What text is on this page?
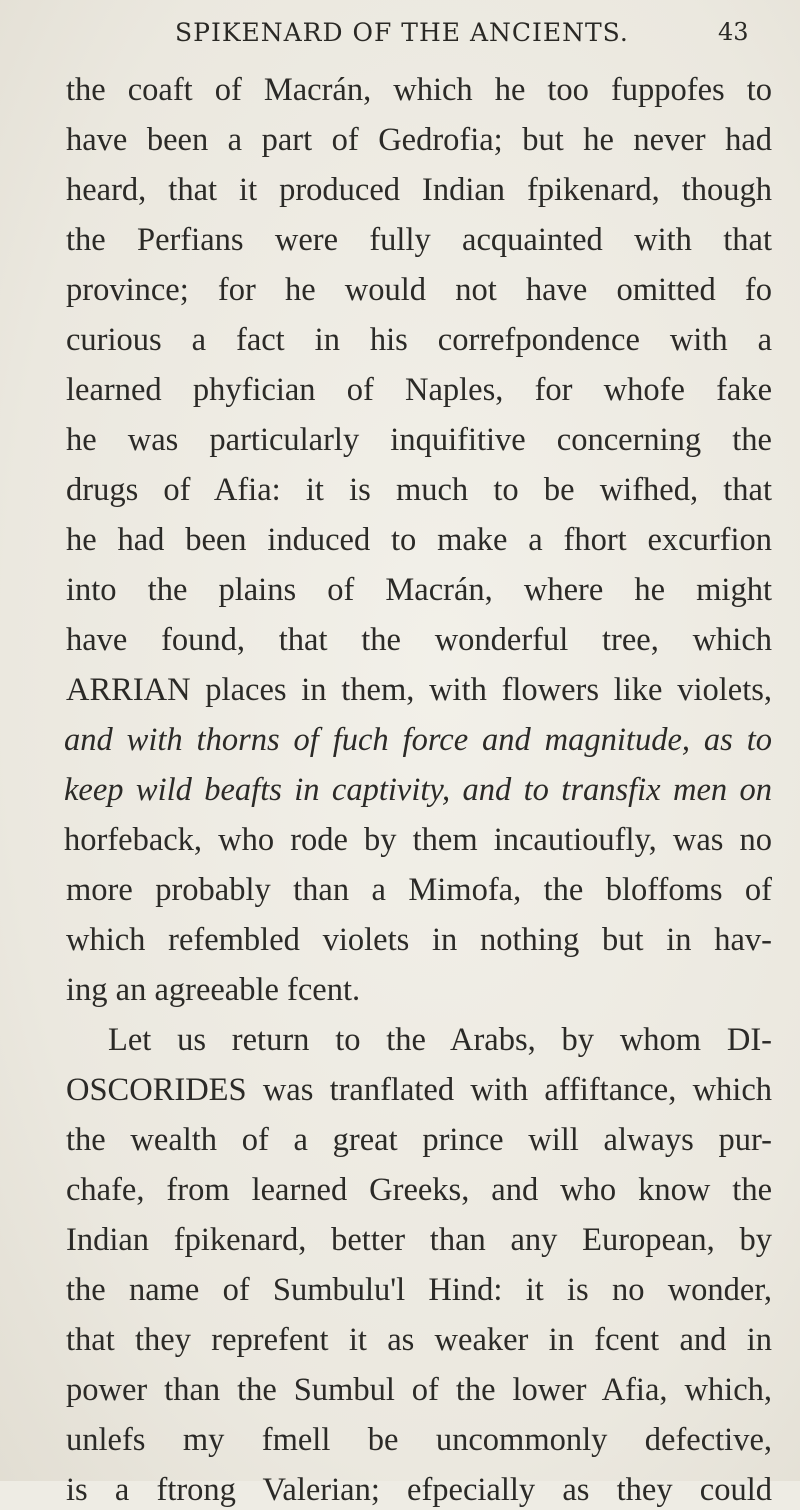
SPIKENARD OF THE ANCIENTS.	43
the coaft of Macrán, which he too fuppofes to
have been a part of Gedrofia; but he never had
heard, that it produced Indian fpikenard, though
the Perfians were fully acquainted with that
province; for he would not have omitted fo
curious a fact in his correfpondence with a
learned phyfician of Naples, for whofe fake
he was particularly inquifitive concerning the
drugs of Afia: it is much to be wifhed, that
he had been induced to make a fhort excurfion
into the plains of Macrán, where he might
have found, that the wonderful tree, which
ARRIAN places in them, with flowers like violets,
and with thorns of fuch force and magnitude, as to
keep wild beafts in captivity, and to transfix men on
horfeback, who rode by them incautioufly, was no
more probably than a Mimofa, the bloffoms of
which refembled violets in nothing but in hav-
ing an agreeable fcent.
Let us return to the Arabs, by whom DI-
OSCORIDES was tranflated with affiftance, which
the wealth of a great prince will always pur-
chafe, from learned Greeks, and who know the
Indian fpikenard, better than any European, by
the name of Sumbulu'l Hind: it is no wonder,
that they reprefent it as weaker in fcent and in
power than the Sumbul of the lower Afia, which,
unlefs my fmell be uncommonly defective,
is a ftrong Valerian; efpecially as they could
